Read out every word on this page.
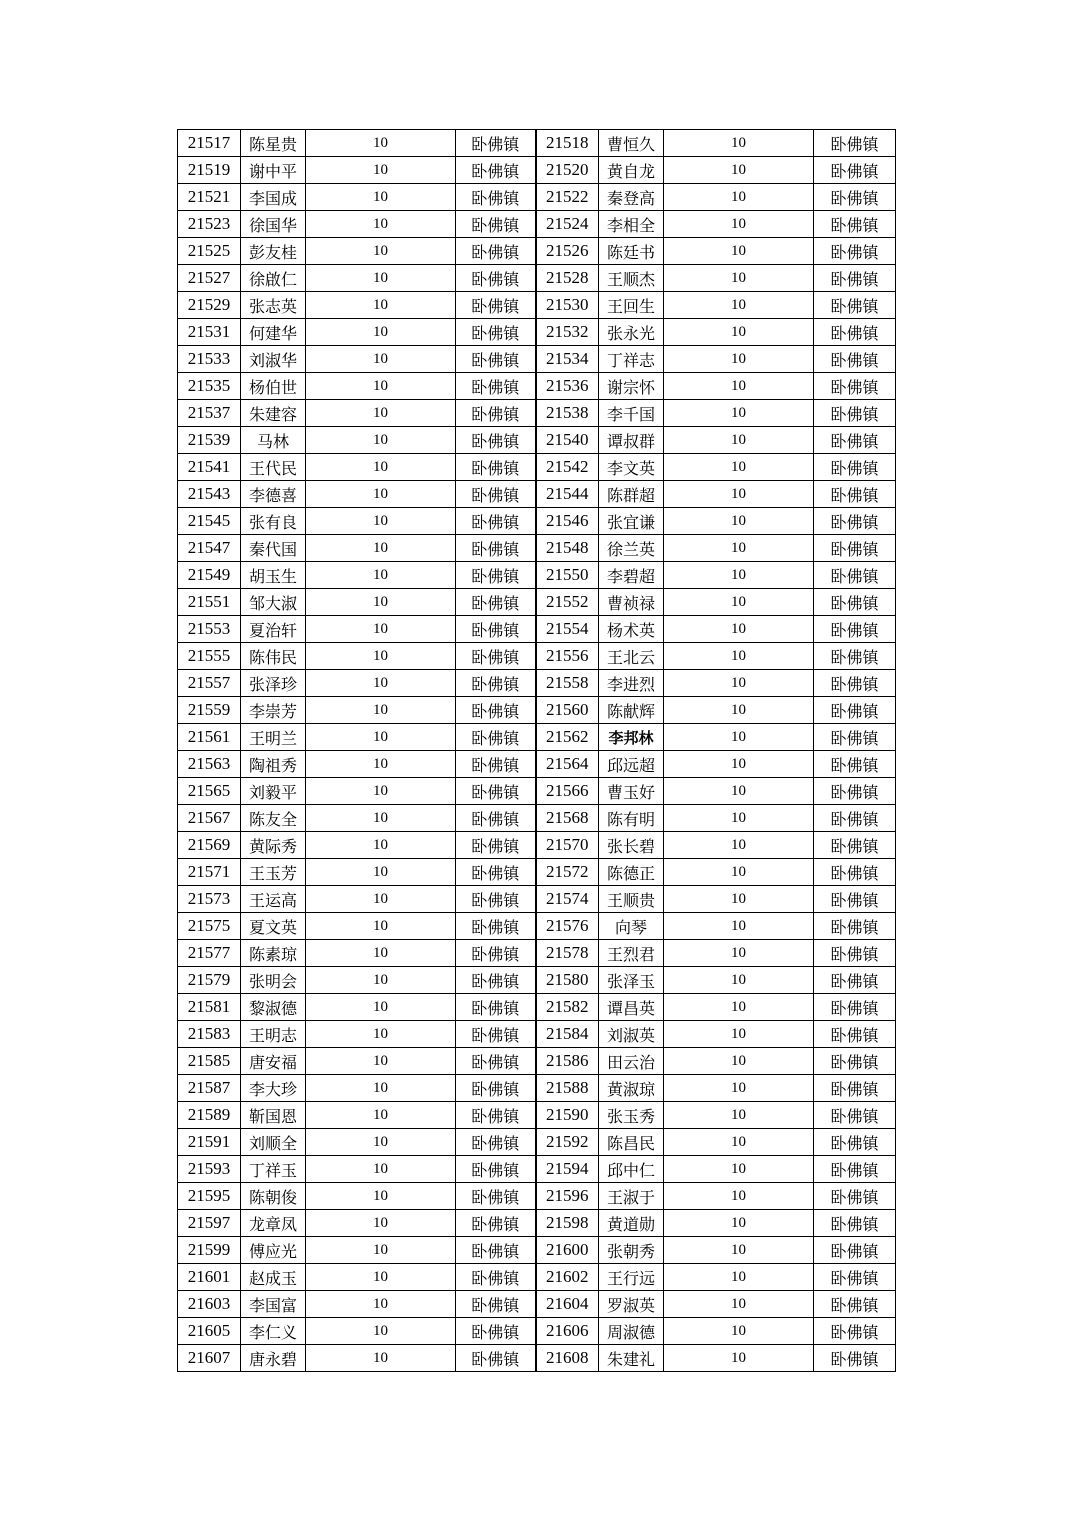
21517	陈星贵	10	卧佛镇	21518	曹恒久	10	卧佛镇
21519	谢中平	10	卧佛镇	21520	黄自龙	10	卧佛镇
21521	李国成	10	卧佛镇	21522	秦登高	10	卧佛镇
21523	徐国华	10	卧佛镇	21524	李相全	10	卧佛镇
21525	彭友桂	10	卧佛镇	21526	陈廷书	10	卧佛镇
21527	徐啟仁	10	卧佛镇	21528	王顺杰	10	卧佛镇
21529	张志英	10	卧佛镇	21530	王回生	10	卧佛镇
21531	何建华	10	卧佛镇	21532	张永光	10	卧佛镇
21533	刘淑华	10	卧佛镇	21534	丁祥志	10	卧佛镇
21535	杨伯世	10	卧佛镇	21536	谢宗怀	10	卧佛镇
21537	朱建容	10	卧佛镇	21538	李千国	10	卧佛镇
21539	马林	10	卧佛镇	21540	谭叔群	10	卧佛镇
21541	王代民	10	卧佛镇	21542	李文英	10	卧佛镇
21543	李德喜	10	卧佛镇	21544	陈群超	10	卧佛镇
21545	张有良	10	卧佛镇	21546	张宜谦	10	卧佛镇
21547	秦代国	10	卧佛镇	21548	徐兰英	10	卧佛镇
21549	胡玉生	10	卧佛镇	21550	李碧超	10	卧佛镇
21551	邹大淑	10	卧佛镇	21552	曹祯禄	10	卧佛镇
21553	夏治轩	10	卧佛镇	21554	杨术英	10	卧佛镇
21555	陈伟民	10	卧佛镇	21556	王北云	10	卧佛镇
21557	张泽珍	10	卧佛镇	21558	李进烈	10	卧佛镇
21559	李崇芳	10	卧佛镇	21560	陈献辉	10	卧佛镇
21561	王明兰	10	卧佛镇	21562	李邦林	10	卧佛镇
21563	陶祖秀	10	卧佛镇	21564	邱远超	10	卧佛镇
21565	刘毅平	10	卧佛镇	21566	曹玉好	10	卧佛镇
21567	陈友全	10	卧佛镇	21568	陈有明	10	卧佛镇
21569	黄际秀	10	卧佛镇	21570	张长碧	10	卧佛镇
21571	王玉芳	10	卧佛镇	21572	陈德正	10	卧佛镇
21573	王运高	10	卧佛镇	21574	王顺贵	10	卧佛镇
21575	夏文英	10	卧佛镇	21576	向琴	10	卧佛镇
21577	陈素琼	10	卧佛镇	21578	王烈君	10	卧佛镇
21579	张明会	10	卧佛镇	21580	张泽玉	10	卧佛镇
21581	黎淑德	10	卧佛镇	21582	谭昌英	10	卧佛镇
21583	王明志	10	卧佛镇	21584	刘淑英	10	卧佛镇
21585	唐安福	10	卧佛镇	21586	田云治	10	卧佛镇
21587	李大珍	10	卧佛镇	21588	黄淑琼	10	卧佛镇
21589	靳国恩	10	卧佛镇	21590	张玉秀	10	卧佛镇
21591	刘顺全	10	卧佛镇	21592	陈昌民	10	卧佛镇
21593	丁祥玉	10	卧佛镇	21594	邱中仁	10	卧佛镇
21595	陈朝俊	10	卧佛镇	21596	王淑于	10	卧佛镇
21597	龙章凤	10	卧佛镇	21598	黄道勋	10	卧佛镇
21599	傅应光	10	卧佛镇	21600	张朝秀	10	卧佛镇
21601	赵成玉	10	卧佛镇	21602	王行远	10	卧佛镇
21603	李国富	10	卧佛镇	21604	罗淑英	10	卧佛镇
21605	李仁义	10	卧佛镇	21606	周淑德	10	卧佛镇
21607	唐永碧	10	卧佛镇	21608	朱建礼	10	卧佛镇
